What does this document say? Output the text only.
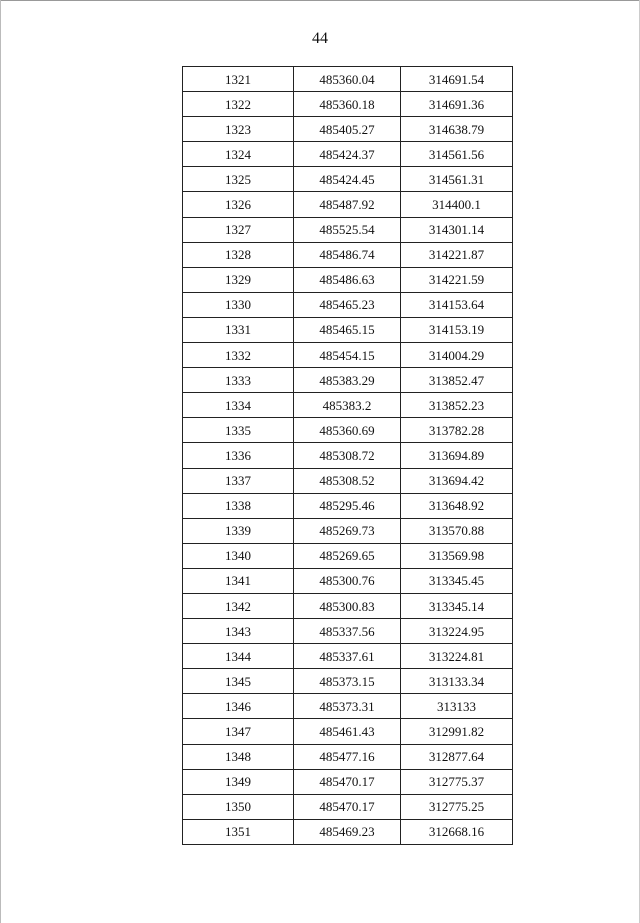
44
1321	485360.04	314691.54
1322	485360.18	314691.36
1323	485405.27	314638.79
1324	485424.37	314561.56
1325	485424.45	314561.31
1326	485487.92	314400.1
1327	485525.54	314301.14
1328	485486.74	314221.87
1329	485486.63	314221.59
1330	485465.23	314153.64
1331	485465.15	314153.19
1332	485454.15	314004.29
1333	485383.29	313852.47
1334	485383.2	313852.23
1335	485360.69	313782.28
1336	485308.72	313694.89
1337	485308.52	313694.42
1338	485295.46	313648.92
1339	485269.73	313570.88
1340	485269.65	313569.98
1341	485300.76	313345.45
1342	485300.83	313345.14
1343	485337.56	313224.95
1344	485337.61	313224.81
1345	485373.15	313133.34
1346	485373.31	313133
1347	485461.43	312991.82
1348	485477.16	312877.64
1349	485470.17	312775.37
1350	485470.17	312775.25
1351	485469.23	312668.16
